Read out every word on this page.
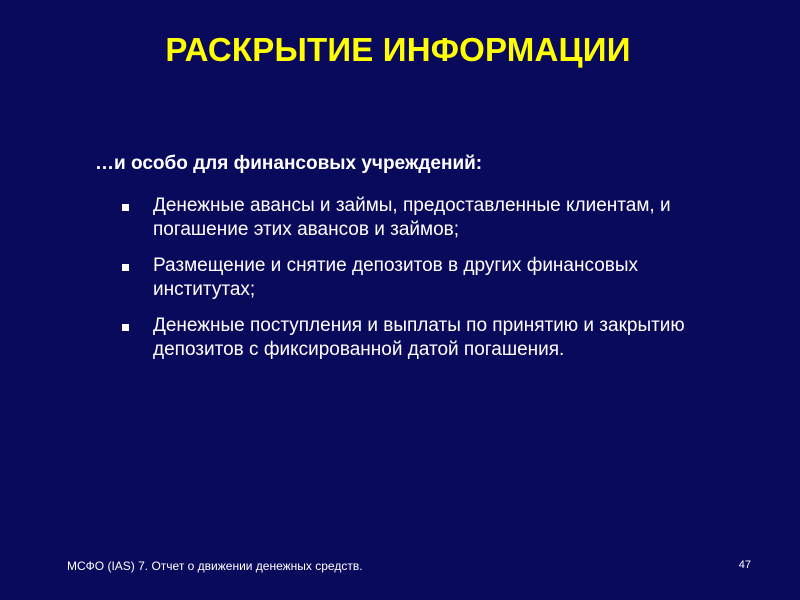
РАСКРЫТИЕ ИНФОРМАЦИИ

…и особо для финансовых учреждений:

Денежные авансы и займы, предоставленные клиентам, и погашение этих авансов и займов;
Размещение и снятие депозитов в других финансовых институтах;
Денежные поступления и выплаты по принятию и закрытию депозитов с фиксированной датой погашения.
МСФО (IAS) 7. Отчет о движении денежных средств.	47
